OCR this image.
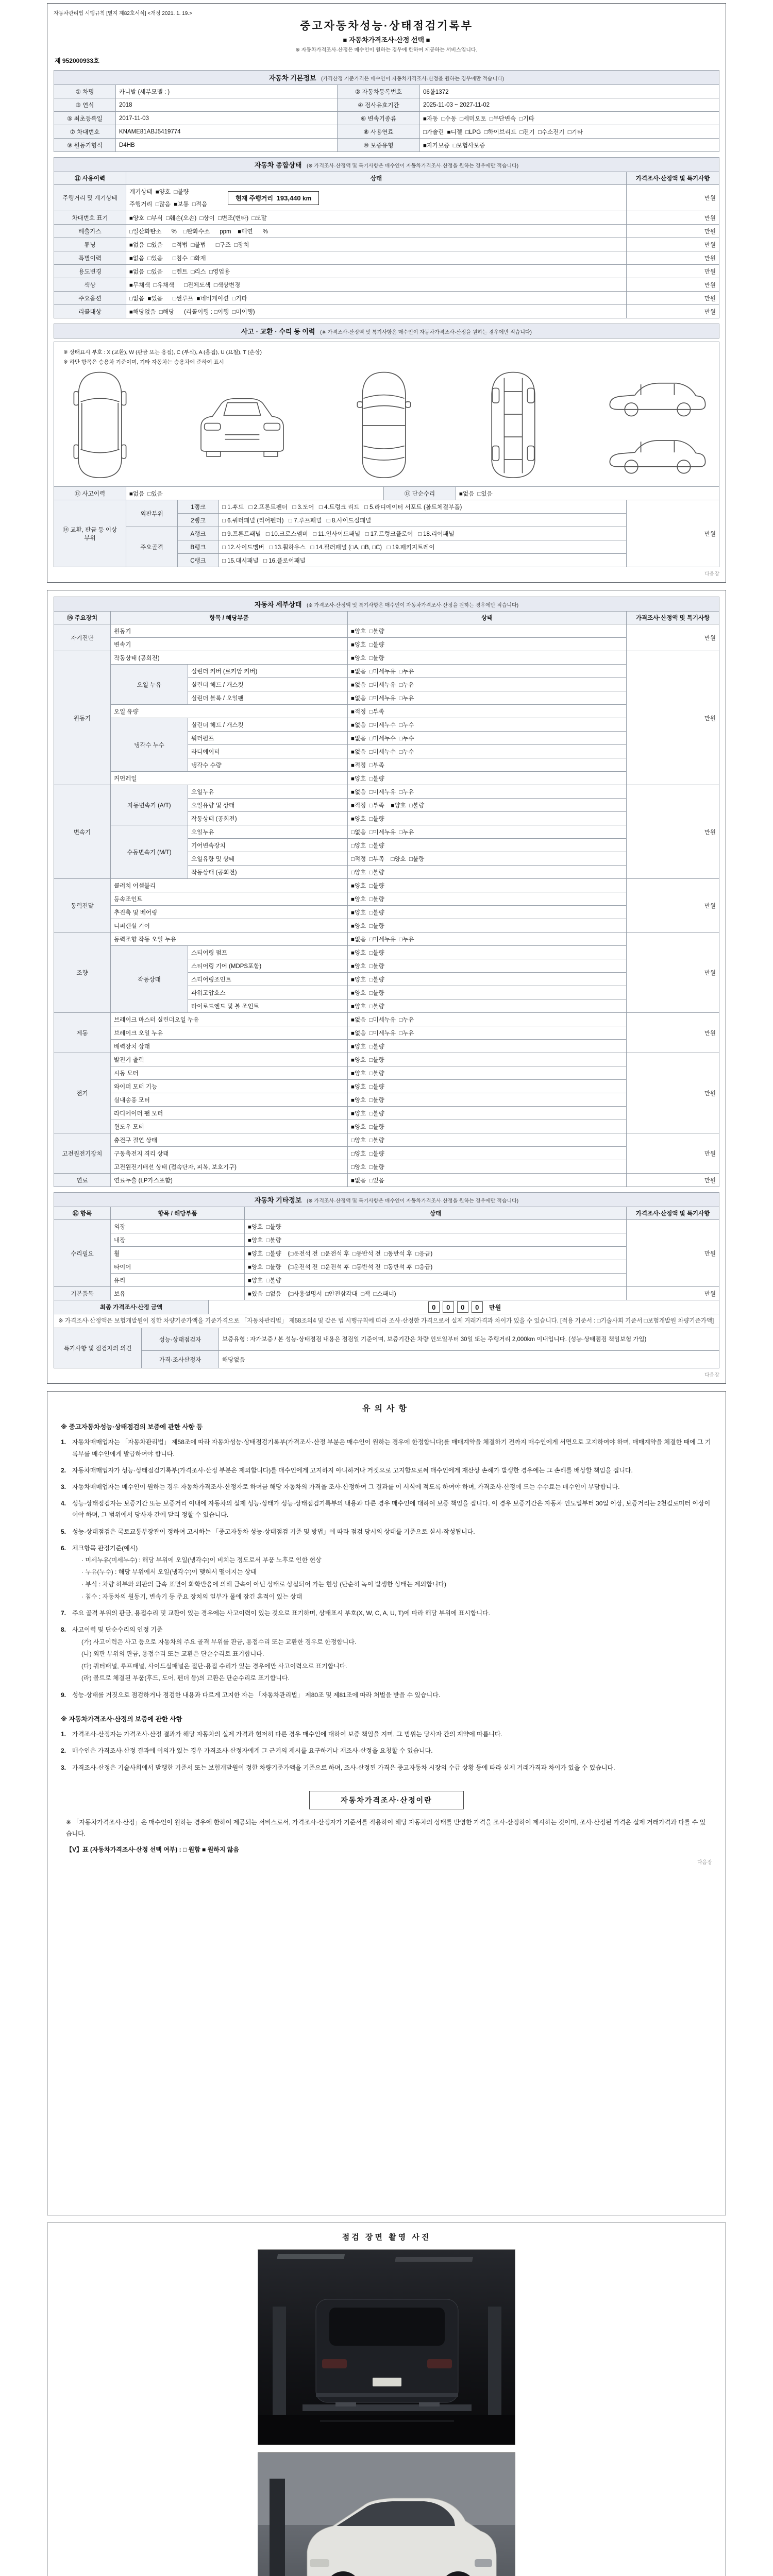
자동차관리법 시행규칙 [별지 제82호서식] <개정 2021. 1. 19.>
중고자동차성능·상태점검기록부
■ 자동차가격조사·산정 선택 ■
※ 자동차가격조사·산정은 매수인이 원하는 경우에 한하여 제공하는 서비스입니다.
제 952000933호
자동차 기본정보 (가격산정 기준가격은 매수인이 자동차가격조사·산정을 원하는 경우에만 적습니다)
① 차명	카니발 (세부모델 : )	② 자동차등록번호	06볼1372
③ 연식	2018	④ 검사유효기간	2025-11-03 ~ 2027-11-02
⑤ 최초등록일	2017-11-03	⑥ 변속기종류	■자동  □수동  □세미오토  □무단변속  □기타
⑦ 차대번호	KNAME81ABJ5419774	⑧ 사용연료	□가솔린  ■디젤  □LPG  □하이브리드  □전기  □수소전기  □기타
⑨ 원동기형식	D4HB	⑩ 보증유형	■자가보증  □보험사보증
자동차 종합상태 (※ 가격조사·산정액 및 특기사항은 매수인이 자동차가격조사·산정을 원하는 경우에만 적습니다)
⑪ 사용이력	상태	가격조사·산정액 및 특기사항
주행거리 및 계기상태	계기상태  ■양호  □불량
주행거리  □많음  ■보통  □적음
현재 주행거리  193,440 km	만원
차대번호 표기	■양호  □부식  □훼손(오손)  □상이  □변조(변타)  □도말	만원
배출가스	□일산화탄소      %    □탄화수소      ppm    ■매연      %	만원
튜닝	■없음  □있음      □적법  □불법      □구조  □장치	만원
특별이력	■없음  □있음      □침수  □화재	만원
용도변경	■없음  □있음      □렌트  □리스  □영업용	만원
색상	■무채색  □유채색      □전체도색  □색상변경	만원
주요옵션	□없음  ■있음      □썬루프  ■네비게이션  □기타	만원
리콜대상	■해당없음  □해당      (리콜이행 : □이행  □미이행)	만원
사고 · 교환 · 수리 등 이력 (※ 가격조사·산정액 및 특기사항은 매수인이 자동차가격조사·산정을 원하는 경우에만 적습니다)
※ 상태표시 부호 : X (교환), W (판금 또는 용접), C (부식), A (흠집), U (요철), T (손상)
※ 하단 항목은 승용차 기준이며, 기타 자동차는 승용차에 준하여 표시
⑫ 사고이력	■없음  □있음	⑬ 단순수리	■없음  □있음
⑭ 교환, 판금 등 이상 부위	외판부위	1랭크	□ 1.후드   □ 2.프론트펜더   □ 3.도어   □ 4.트렁크 리드   □ 5.라디에이터 서포트 (볼트체결부품)	만원
		2랭크	□ 6.쿼터패널 (리어펜더)   □ 7.루프패널   □ 8.사이드실패널	
	주요골격	A랭크	□ 9.프론트패널   □ 10.크로스멤버   □ 11.인사이드패널   □ 17.트렁크플로어   □ 18.리어패널	
		B랭크	□ 12.사이드멤버   □ 13.휠하우스   □ 14.필러패널 (□A, □B, □C)   □ 19.패키지트레이	
		C랭크	□ 15.대시패널   □ 16.플로어패널	
다음장
자동차 세부상태 (※ 가격조사·산정액 및 특기사항은 매수인이 자동차가격조사·산정을 원하는 경우에만 적습니다)
⑮ 주요장치	항목 / 해당부품		상태	가격조사·산정액 및 특기사항
자기진단	원동기		■양호  □불량	만원
	변속기		■양호  □불량	
원동기	작동상태 (공회전)		■양호  □불량	만원
	오일 누유	실린더 커버 (로커암 커버)	■없음  □미세누유  □누유	
		실린더 헤드 / 개스킷	■없음  □미세누유  □누유	
		실린더 블록 / 오일팬	■없음  □미세누유  □누유	
	오일 유량		■적정  □부족	
	냉각수 누수	실린더 헤드 / 개스킷	■없음  □미세누수  □누수	
		워터펌프	■없음  □미세누수  □누수	
		라디에이터	■없음  □미세누수  □누수	
		냉각수 수량	■적정  □부족	
	커먼레일		■양호  □불량	
변속기	자동변속기 (A/T)	오일누유	■없음  □미세누유  □누유	만원
		오일유량 및 상태	■적정  □부족    ■양호  □불량	
		작동상태 (공회전)	■양호  □불량	
	수동변속기 (M/T)	오일누유	□없음  □미세누유  □누유	
		기어변속장치	□양호  □불량	
		오일유량 및 상태	□적정  □부족    □양호  □불량	
		작동상태 (공회전)	□양호  □불량	
동력전달	클러치 어셈블리		■양호  □불량	만원
	등속조인트		■양호  □불량	
	추진축 및 베어링		■양호  □불량	
	디퍼렌셜 기어		■양호  □불량	
조향	동력조향 작동 오일 누유		■없음  □미세누유  □누유	만원
	작동상태	스티어링 펌프	■양호  □불량	
		스티어링 기어 (MDPS포함)	■양호  □불량	
		스티어링조인트	■양호  □불량	
		파워고압호스	■양호  □불량	
		타이로드엔드 및 볼 조인트	■양호  □불량	
제동	브레이크 마스터 실린더오일 누유		■없음  □미세누유  □누유	만원
	브레이크 오일 누유		■없음  □미세누유  □누유	
	배력장치 상태		■양호  □불량	
전기	발전기 출력		■양호  □불량	만원
	시동 모터		■양호  □불량	
	와이퍼 모터 기능		■양호  □불량	
	실내송풍 모터		■양호  □불량	
	라디에이터 팬 모터		■양호  □불량	
	윈도우 모터		■양호  □불량	
고전원전기장치	충전구 절연 상태		□양호  □불량	만원
	구동축전지 격리 상태		□양호  □불량	
	고전원전기배선 상태 (접속단자, 피복, 보호기구)		□양호  □불량	
연료	연료누출 (LP가스포함)		■없음  □있음	만원
자동차 기타정보 (※ 가격조사·산정액 및 특기사항은 매수인이 자동차가격조사·산정을 원하는 경우에만 적습니다)
⑯ 항목	항목 / 해당부품	상태	가격조사·산정액 및 특기사항
수리필요	외장	■양호  □불량	만원
	내장	■양호  □불량	
	휠	■양호  □불량    (□운전석 전  □운전석 후  □동반석 전  □동반석 후  □응급)	
	타이어	■양호  □불량    (□운전석 전  □운전석 후  □동반석 전  □동반석 후  □응급)	
	유리	■양호  □불량	
기본품목	보유	■있음  □없음    (□사용설명서  □안전삼각대  □잭  □스패너)	만원
최종 가격조사·산정 금액	0 0 0 0 만원
※ 가격조사·산정액은 보험개발원이 정한 차량기준가액을 기준가격으로 「자동차관리법」 제58조의4 및 같은 법 시행규칙에 따라 조사·산정한 가격으로서 실제 거래가격과 차이가 있을 수 있습니다. [적용 기준서 : □기술사회 기준서 □보험개발원 차량기준가액]
특기사항 및 점검자의 의견	성능·상태점검자	보증유형 : 자가보증 / 본 성능·상태점검 내용은 점검일 기준이며, 보증기간은 차량 인도일부터 30일 또는 주행거리 2,000km 이내입니다. (성능·상태점검 책임보험 가입)
	가격·조사산정자	해당없음
다음장
유의사항
※ 중고자동차성능·상태점검의 보증에 관한 사항 등
1. 자동차매매업자는 「자동차관리법」 제58조에 따라 자동차성능·상태점검기록부(가격조사·산정 부분은 매수인이 원하는 경우에 한정합니다)를 매매계약을 체결하기 전까지 매수인에게 서면으로 고지하여야 하며, 매매계약을 체결한 때에 그 기록부를 매수인에게 발급하여야 합니다.
2. 자동차매매업자가 성능·상태점검기록부(가격조사·산정 부분은 제외합니다)를 매수인에게 고지하지 아니하거나 거짓으로 고지함으로써 매수인에게 재산상 손해가 발생한 경우에는 그 손해를 배상할 책임을 집니다.
3. 자동차매매업자는 매수인이 원하는 경우 자동차가격조사·산정자로 하여금 해당 자동차의 가격을 조사·산정하여 그 결과를 이 서식에 적도록 하여야 하며, 가격조사·산정에 드는 수수료는 매수인이 부담합니다.
4. 성능·상태점검자는 보증기간 또는 보증거리 이내에 자동차의 실제 성능·상태가 성능·상태점검기록부의 내용과 다른 경우 매수인에 대하여 보증 책임을 집니다. 이 경우 보증기간은 자동차 인도일부터 30일 이상, 보증거리는 2천킬로미터 이상이어야 하며, 그 범위에서 당사자 간에 달리 정할 수 있습니다.
5. 성능·상태점검은 국토교통부장관이 정하여 고시하는 「중고자동차 성능·상태점검 기준 및 방법」에 따라 점검 당시의 상태를 기준으로 실시·작성됩니다.
6. 체크항목 판정기준(예시)
· 미세누유(미세누수) : 해당 부위에 오일(냉각수)이 비치는 정도로서 부품 노후로 인한 현상
· 누유(누수) : 해당 부위에서 오일(냉각수)이 맺혀서 떨어지는 상태
· 부식 : 차량 하부와 외판의 금속 표면이 화학반응에 의해 금속이 아닌 상태로 상실되어 가는 현상 (단순히 녹이 발생한 상태는 제외합니다)
· 침수 : 자동차의 원동기, 변속기 등 주요 장치의 일부가 물에 잠긴 흔적이 있는 상태
7. 주요 골격 부위의 판금, 용접수리 및 교환이 있는 경우에는 사고이력이 있는 것으로 표기하며, 상태표시 부호(X, W, C, A, U, T)에 따라 해당 부위에 표시합니다.
8. 사고이력 및 단순수리의 인정 기준
(가) 사고이력은 사고 등으로 자동차의 주요 골격 부위를 판금, 용접수리 또는 교환한 경우로 한정합니다.
(나) 외판 부위의 판금, 용접수리 또는 교환은 단순수리로 표기합니다.
(다) 쿼터패널, 루프패널, 사이드실패널은 절단·용접 수리가 있는 경우에만 사고이력으로 표기합니다.
(라) 볼트로 체결된 부품(후드, 도어, 펜더 등)의 교환은 단순수리로 표기합니다.
9. 성능·상태를 거짓으로 점검하거나 점검한 내용과 다르게 고지한 자는 「자동차관리법」 제80조 및 제81조에 따라 처벌을 받을 수 있습니다.
※ 자동차가격조사·산정의 보증에 관한 사항
1. 가격조사·산정자는 가격조사·산정 결과가 해당 자동차의 실제 가격과 현저히 다른 경우 매수인에 대하여 보증 책임을 지며, 그 범위는 당사자 간의 계약에 따릅니다.
2. 매수인은 가격조사·산정 결과에 이의가 있는 경우 가격조사·산정자에게 그 근거의 제시를 요구하거나 재조사·산정을 요청할 수 있습니다.
3. 가격조사·산정은 기술사회에서 발행한 기준서 또는 보험개발원이 정한 차량기준가액을 기준으로 하며, 조사·산정된 가격은 중고자동차 시장의 수급 상황 등에 따라 실제 거래가격과 차이가 있을 수 있습니다.
자동차가격조사·산정이란
※ 「자동차가격조사·산정」은 매수인이 원하는 경우에 한하여 제공되는 서비스로서, 가격조사·산정자가 기준서를 적용하여 해당 자동차의 상태를 반영한 가격을 조사·산정하여 제시하는 것이며, 조사·산정된 가격은 실제 거래가격과 다를 수 있습니다.
【V】표 (자동차가격조사·산정 선택 여부) : □ 원함 ■ 원하지 않음
다음장
점검 장면 촬영 사진
